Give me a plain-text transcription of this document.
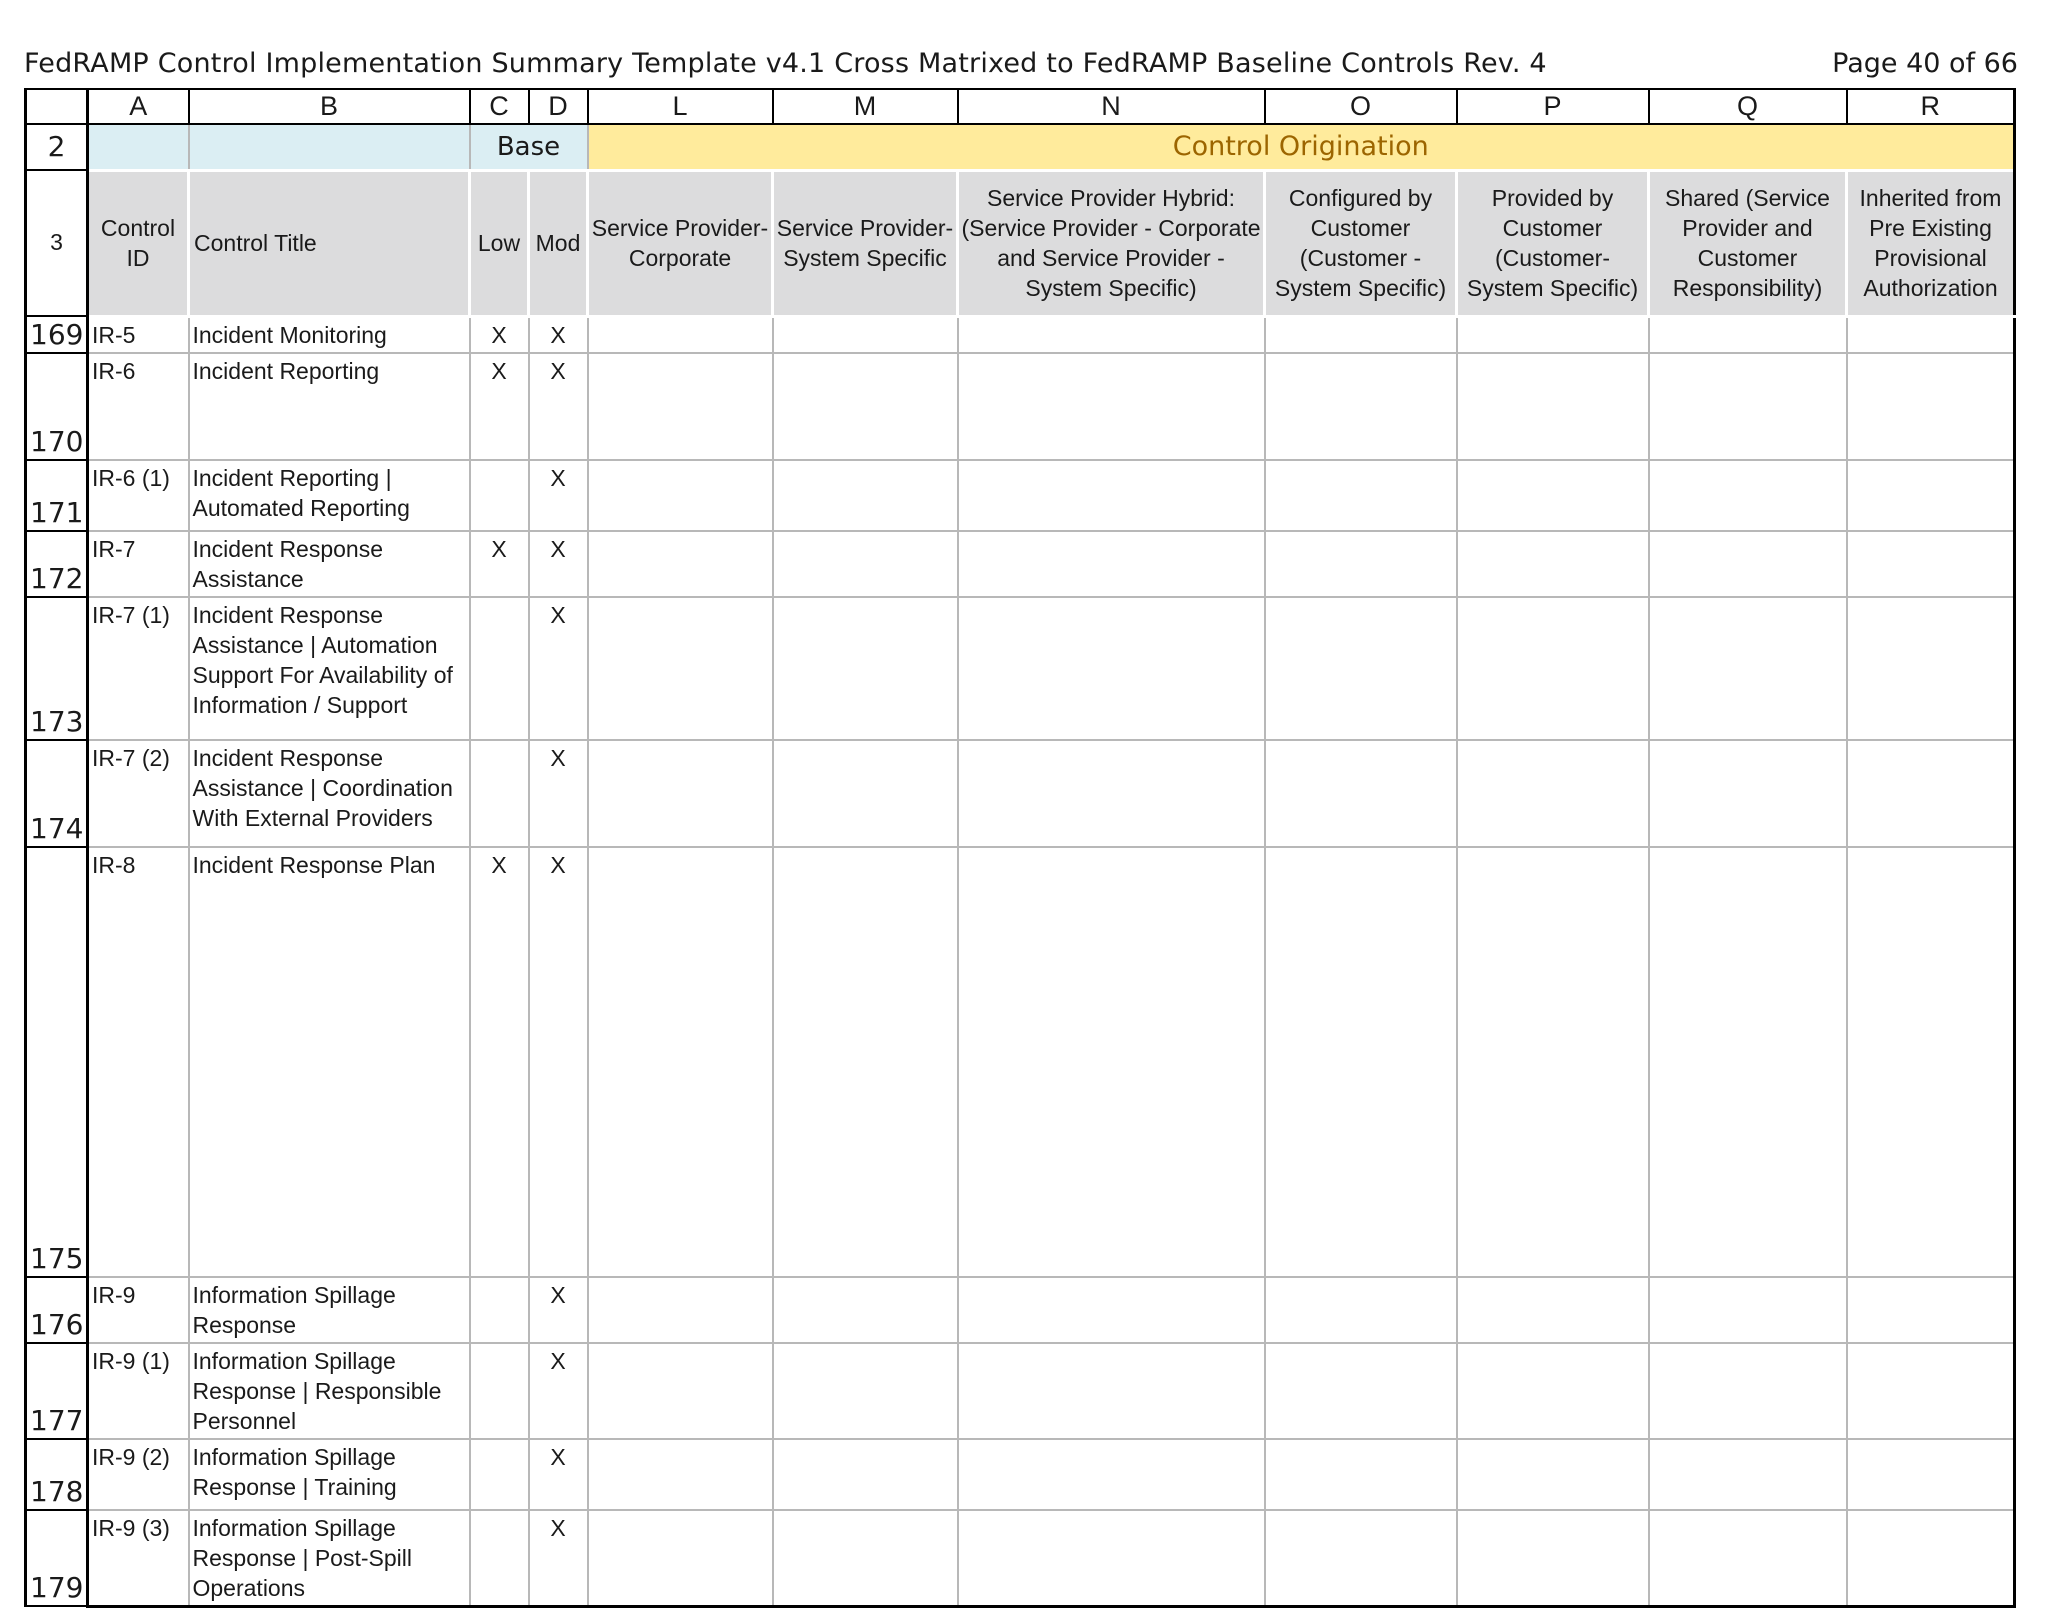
FedRAMP Control Implementation Summary Template v4.1 Cross Matrixed to FedRAMP Baseline Controls Rev. 4	Page 40 of 66
	A	B	C	D	L	M	N	O	P	Q	R
2			Base		Control Origination						
3	Control ID	Control Title	Low	Mod	Service Provider- Corporate	Service Provider- System Specific	Service Provider Hybrid: (Service Provider - Corporate and Service Provider - System Specific)	Configured by Customer (Customer - System Specific)	Provided by Customer (Customer- System Specific)	Shared (Service Provider and Customer Responsibility)	Inherited from Pre Existing Provisional Authorization
169	IR-5	Incident Monitoring	X	X							
170	IR-6	Incident Reporting	X	X							
171	IR-6 (1)	Incident Reporting | Automated Reporting		X							
172	IR-7	Incident Response Assistance	X	X							
173	IR-7 (1)	Incident Response Assistance | Automation Support For Availability of Information / Support		X							
174	IR-7 (2)	Incident Response Assistance | Coordination With External Providers		X							
175	IR-8	Incident Response Plan	X	X							
176	IR-9	Information Spillage Response		X							
177	IR-9 (1)	Information Spillage Response | Responsible Personnel		X							
178	IR-9 (2)	Information Spillage Response | Training		X							
179	IR-9 (3)	Information Spillage Response | Post-Spill Operations		X							
